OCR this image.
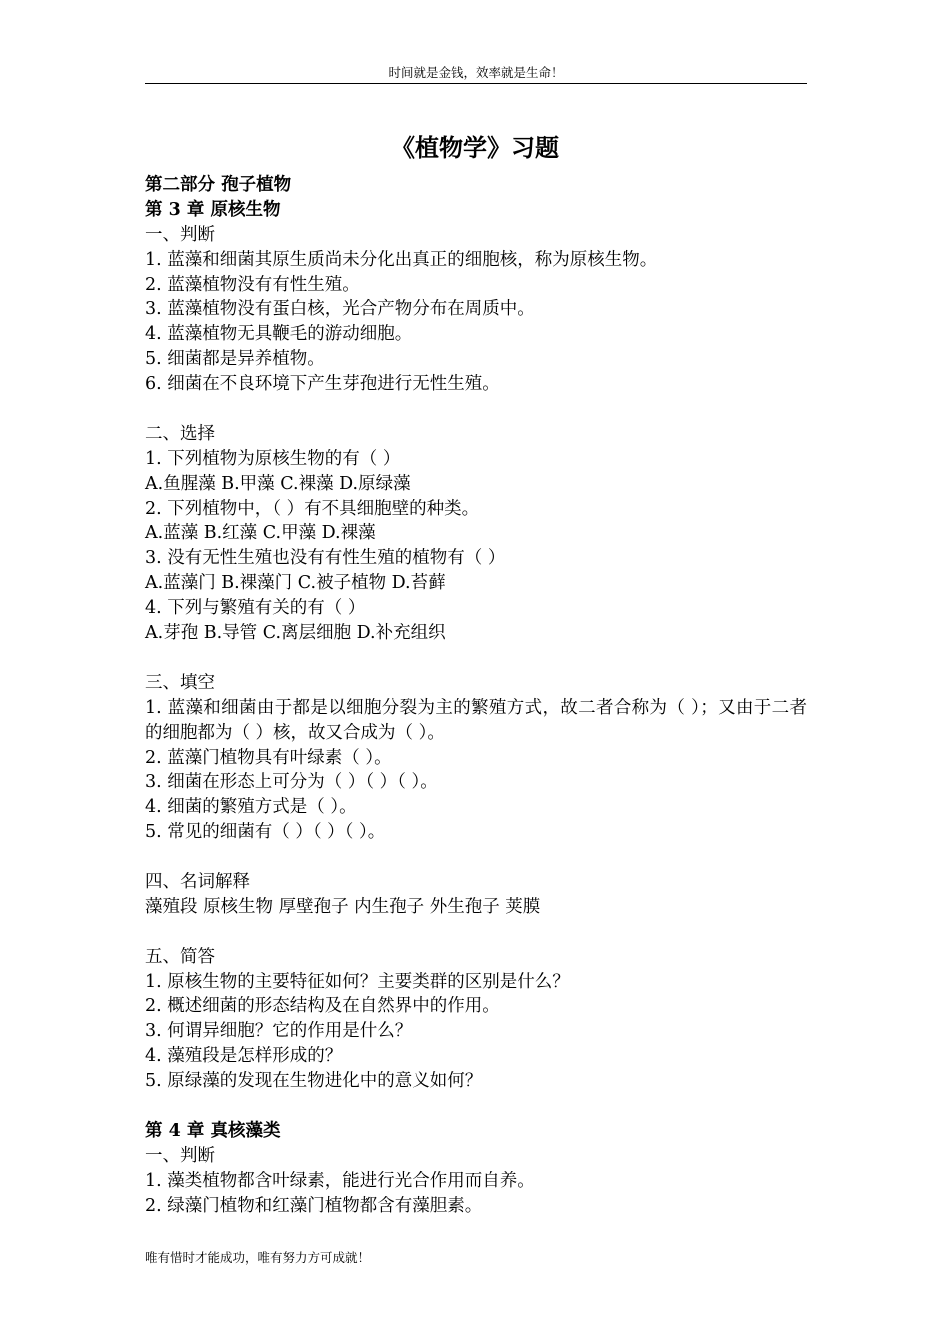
时间就是金钱，效率就是生命！
《植物学》习题
第二部分 孢子植物
第 3 章 原核生物
一、判断
1. 蓝藻和细菌其原生质尚未分化出真正的细胞核，称为原核生物。
2. 蓝藻植物没有有性生殖。
3. 蓝藻植物没有蛋白核，光合产物分布在周质中。
4. 蓝藻植物无具鞭毛的游动细胞。
5. 细菌都是异养植物。
6. 细菌在不良环境下产生芽孢进行无性生殖。
二、选择
1. 下列植物为原核生物的有（ ）
A.鱼腥藻 B.甲藻 C.裸藻 D.原绿藻
2. 下列植物中，（ ）有不具细胞壁的种类。
A.蓝藻 B.红藻 C.甲藻 D.裸藻
3. 没有无性生殖也没有有性生殖的植物有（ ）
A.蓝藻门 B.裸藻门 C.被子植物 D.苔藓
4. 下列与繁殖有关的有（ ）
A.芽孢 B.导管 C.离层细胞 D.补充组织
三、填空
1. 蓝藻和细菌由于都是以细胞分裂为主的繁殖方式，故二者合称为（ ）；又由于二者的细胞都为（ ）核，故又合成为（ ）。
2. 蓝藻门植物具有叶绿素（ ）。
3. 细菌在形态上可分为（ ）（ ）（ ）。
4. 细菌的繁殖方式是（ ）。
5. 常见的细菌有（ ）（ ）（ ）。
四、名词解释
藻殖段 原核生物 厚壁孢子 内生孢子 外生孢子 荚膜
五、简答
1. 原核生物的主要特征如何？主要类群的区别是什么？
2. 概述细菌的形态结构及在自然界中的作用。
3. 何谓异细胞？它的作用是什么？
4. 藻殖段是怎样形成的？
5. 原绿藻的发现在生物进化中的意义如何？
第 4 章 真核藻类
一、判断
1. 藻类植物都含叶绿素，能进行光合作用而自养。
2. 绿藻门植物和红藻门植物都含有藻胆素。
唯有惜时才能成功，唯有努力方可成就！
